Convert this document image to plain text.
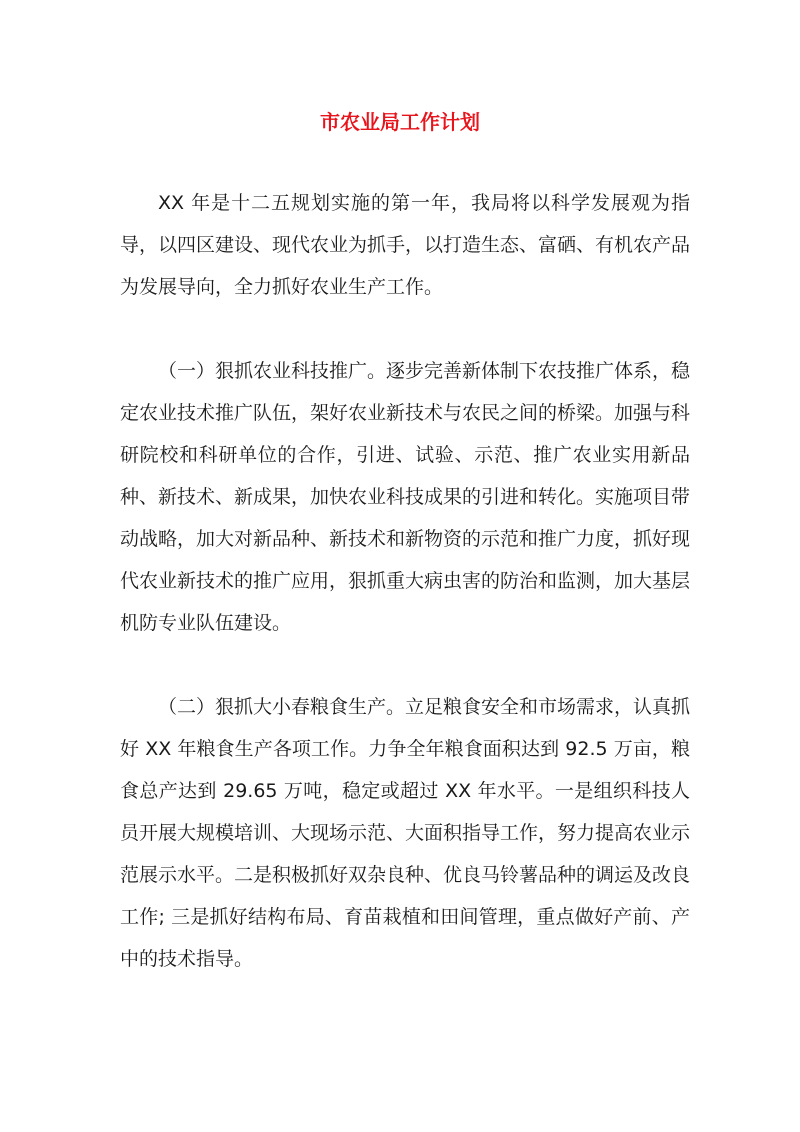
市农业局工作计划

XX 年是十二五规划实施的第一年，我局将以科学发展观为指导，以四区建设、现代农业为抓手，以打造生态、富硒、有机农产品为发展导向，全力抓好农业生产工作。

（一）狠抓农业科技推广。逐步完善新体制下农技推广体系，稳定农业技术推广队伍，架好农业新技术与农民之间的桥梁。加强与科研院校和科研单位的合作，引进、试验、示范、推广农业实用新品种、新技术、新成果，加快农业科技成果的引进和转化。实施项目带动战略，加大对新品种、新技术和新物资的示范和推广力度，抓好现代农业新技术的推广应用，狠抓重大病虫害的防治和监测，加大基层机防专业队伍建设。

（二）狠抓大小春粮食生产。立足粮食安全和市场需求，认真抓好 XX 年粮食生产各项工作。力争全年粮食面积达到 92.5 万亩，粮食总产达到 29.65 万吨，稳定或超过 XX 年水平。一是组织科技人员开展大规模培训、大现场示范、大面积指导工作，努力提高农业示范展示水平。二是积极抓好双杂良种、优良马铃薯品种的调运及改良工作; 三是抓好结构布局、育苗栽植和田间管理，重点做好产前、产中的技术指导。
